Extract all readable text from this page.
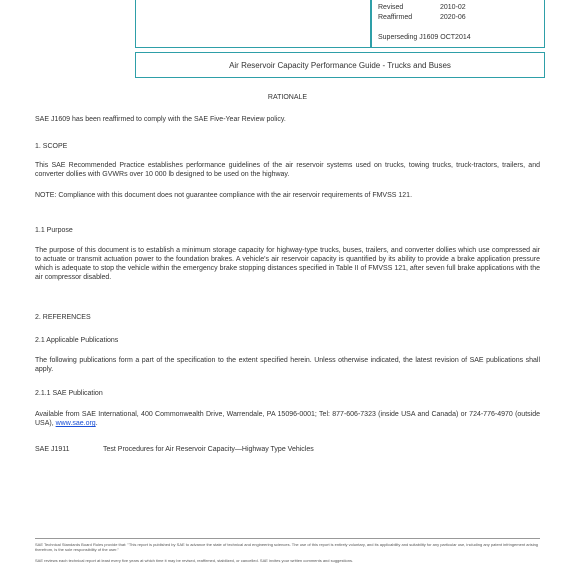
Revised	2010-02
Reaffirmed	2020-06
Superseding J1609 OCT2014
Air Reservoir Capacity Performance Guide - Trucks and Buses
RATIONALE
SAE J1609 has been reaffirmed to comply with the SAE Five-Year Review policy.
1. SCOPE
This SAE Recommended Practice establishes performance guidelines of the air reservoir systems used on trucks, towing trucks, truck-tractors, trailers, and converter dollies with GVWRs over 10 000 lb designed to be used on the highway.
NOTE: Compliance with this document does not guarantee compliance with the air reservoir requirements of FMVSS 121.
1.1 Purpose
The purpose of this document is to establish a minimum storage capacity for highway-type trucks, buses, trailers, and converter dollies which use compressed air to actuate or transmit actuation power to the foundation brakes. A vehicle's air reservoir capacity is quantified by its ability to provide a brake application pressure which is adequate to stop the vehicle within the emergency brake stopping distances specified in Table II of FMVSS 121, after seven full brake applications with the air compressor disabled.
2. REFERENCES
2.1 Applicable Publications
The following publications form a part of the specification to the extent specified herein. Unless otherwise indicated, the latest revision of SAE publications shall apply.
2.1.1 SAE Publication
Available from SAE International, 400 Commonwealth Drive, Warrendale, PA 15096-0001; Tel: 877-606-7323 (inside USA and Canada) or 724-776-4970 (outside USA), www.sae.org.
SAE J1911	Test Procedures for Air Reservoir Capacity—Highway Type Vehicles
SAE Technical Standards Board Rules provide that: "This report is published by SAE to advance the state of technical and engineering sciences. The use of this report is entirely voluntary, and its applicability and suitability for any particular use, including any patent infringement arising therefrom, is the sole responsibility of the user."
SAE reviews each technical report at least every five years at which time it may be revised, reaffirmed, stabilized, or cancelled. SAE invites your written comments and suggestions.
